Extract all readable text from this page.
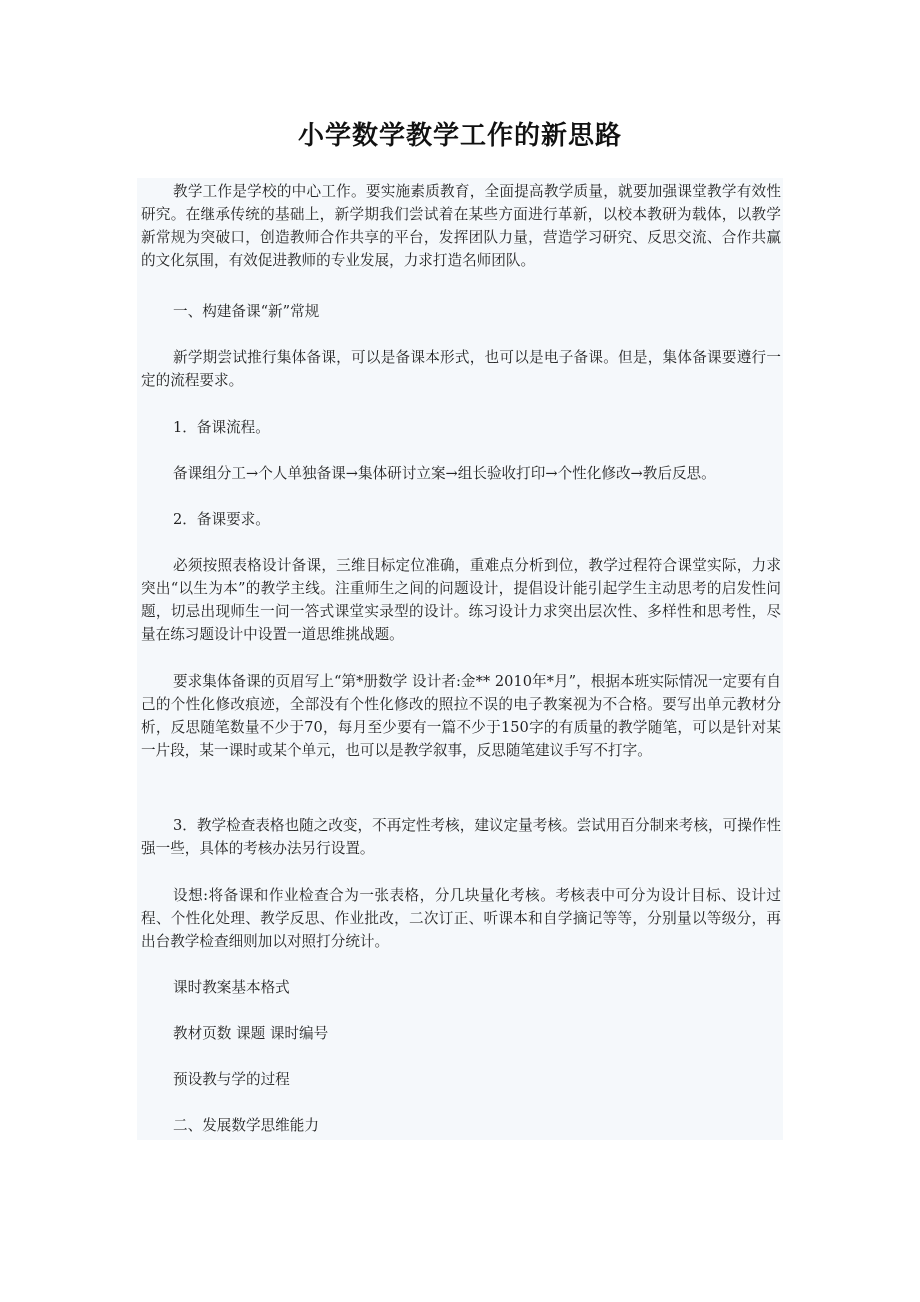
小学数学教学工作的新思路

教学工作是学校的中心工作。要实施素质教育，全面提高教学质量，就要加强课堂教学有效性研究。在继承传统的基础上，新学期我们尝试着在某些方面进行革新，以校本教研为载体，以教学新常规为突破口，创造教师合作共享的平台，发挥团队力量，营造学习研究、反思交流、合作共赢的文化氛围，有效促进教师的专业发展，力求打造名师团队。

一、构建备课“新”常规

新学期尝试推行集体备课，可以是备课本形式，也可以是电子备课。但是，集体备课要遵行一定的流程要求。

1．备课流程。

备课组分工→个人单独备课→集体研讨立案→组长验收打印→个性化修改→教后反思。

2．备课要求。

必须按照表格设计备课，三维目标定位准确，重难点分析到位，教学过程符合课堂实际，力求突出“以生为本”的教学主线。注重师生之间的问题设计，提倡设计能引起学生主动思考的启发性问题，切忌出现师生一问一答式课堂实录型的设计。练习设计力求突出层次性、多样性和思考性，尽量在练习题设计中设置一道思维挑战题。

要求集体备课的页眉写上“第*册数学 设计者:金** 2010年*月”，根据本班实际情况一定要有自己的个性化修改痕迹，全部没有个性化修改的照拉不误的电子教案视为不合格。要写出单元教材分析，反思随笔数量不少于70，每月至少要有一篇不少于150字的有质量的教学随笔，可以是针对某一片段，某一课时或某个单元，也可以是教学叙事，反思随笔建议手写不打字。

3．教学检查表格也随之改变，不再定性考核，建议定量考核。尝试用百分制来考核，可操作性强一些，具体的考核办法另行设置。

设想:将备课和作业检查合为一张表格，分几块量化考核。考核表中可分为设计目标、设计过程、个性化处理、教学反思、作业批改，二次订正、听课本和自学摘记等等，分别量以等级分，再出台教学检查细则加以对照打分统计。

课时教案基本格式

教材页数 课题 课时编号

预设教与学的过程

二、发展数学思维能力
